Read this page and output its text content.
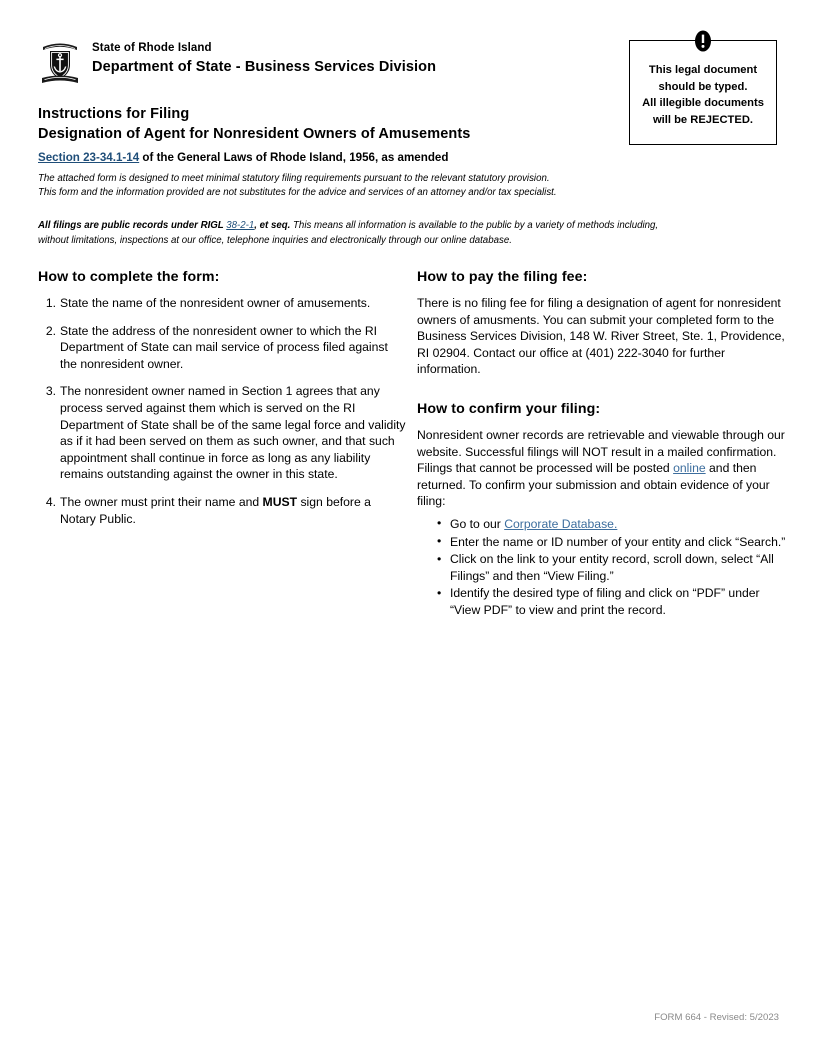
State of Rhode Island
Department of State - Business Services Division	This legal document
should be typed.
All illegible documents
will be REJECTED.
Instructions for Filing
Designation of Agent for Nonresident Owners of Amusements
Section 23-34.1-14 of the General Laws of Rhode Island, 1956, as amended
The attached form is designed to meet minimal statutory filing requirements pursuant to the relevant statutory provision.
This form and the information provided are not substitutes for the advice and services of an attorney and/or tax specialist.
All filings are public records under RIGL 38-2-1, et seq. This means all information is available to the public by a variety of methods including, without limitations, inspections at our office, telephone inquiries and electronically through our online database.
How to complete the form:
1. State the name of the nonresident owner of amusements.
2. State the address of the nonresident owner to which the RI Department of State can mail service of process filed against the nonresident owner.
3. The nonresident owner named in Section 1 agrees that any process served against them which is served on the RI Department of State shall be of the same legal force and validity as if it had been served on them as such owner, and that such appointment shall continue in force as long as any liability remains outstanding against the owner in this state.
4. The owner must print their name and MUST sign before a Notary Public.
How to pay the filing fee:

There is no filing fee for filing a designation of agent for nonresident owners of amusments. You can submit your completed form to the Business Services Division, 148 W. River Street, Ste. 1, Providence, RI 02904. Contact our office at (401) 222-3040 for further information.

How to confirm your filing:

Nonresident owner records are retrievable and viewable through our website. Successful filings will NOT result in a mailed confirmation. Filings that cannot be processed will be posted online and then returned. To confirm your submission and obtain evidence of your filing:

• Go to our Corporate Database.
• Enter the name or ID number of your entity and click “Search.”
• Click on the link to your entity record, scroll down, select “All Filings” and then “View Filing.”
• Identify the desired type of filing and click on “PDF” under “View PDF” to view and print the record.
FORM 664 - Revised: 5/2023
